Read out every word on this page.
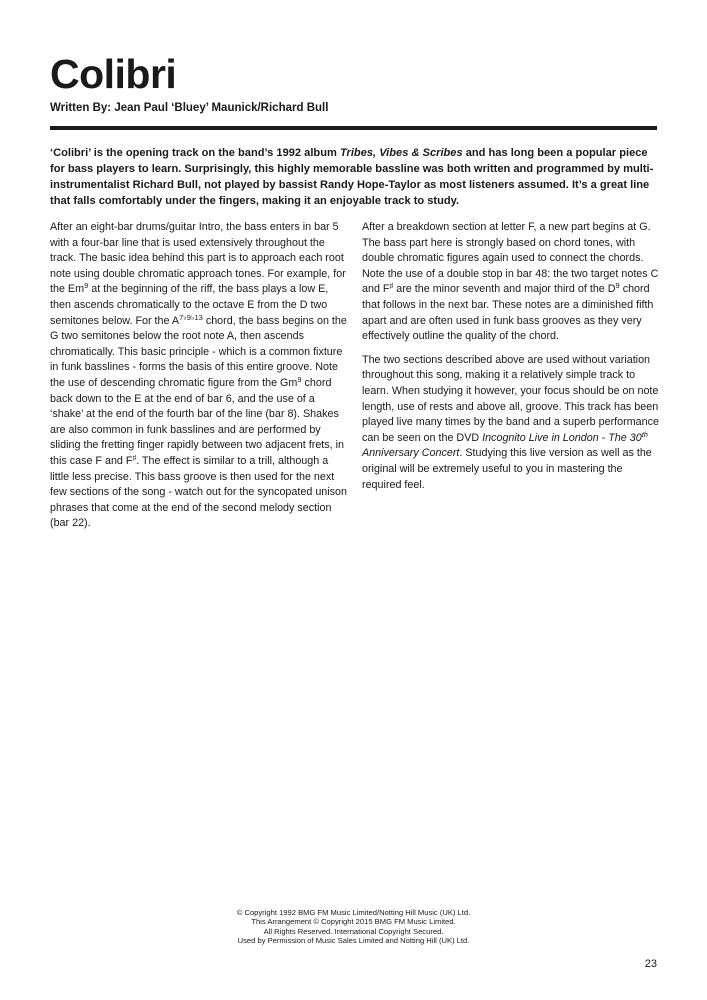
Colibri
Written By: Jean Paul ‘Bluey’ Maunick/Richard Bull

‘Colibri’ is the opening track on the band’s 1992 album Tribes, Vibes & Scribes and has long been a popular piece for bass players to learn. Surprisingly, this highly memorable bassline was both written and programmed by multi-instrumentalist Richard Bull, not played by bassist Randy Hope-Taylor as most listeners assumed. It’s a great line that falls comfortably under the fingers, making it an enjoyable track to study.

After an eight-bar drums/guitar Intro, the bass enters in bar 5 with a four-bar line that is used extensively throughout the track. The basic idea behind this part is to approach each root note using double chromatic approach tones. For example, for the Em$^9$ at the beginning of the riff, the bass plays a low E, then ascends chromatically to the octave E from the D two semitones below. For the $A^{7♭9♭13}$ chord, the bass begins on the G two semitones below the root note A, then ascends chromatically. This basic principle - which is a common fixture in funk basslines - forms the basis of this entire groove. Note the use of descending chromatic figure from the Gm$^9$ chord back down to the E at the end of bar 6, and the use of a ‘shake’ at the end of the fourth bar of the line (bar 8). Shakes are also common in funk basslines and are performed by sliding the fretting finger rapidly between two adjacent frets, in this case F and F♯. The effect is similar to a trill, although a little less precise. This bass groove is then used for the next few sections of the song - watch out for the syncopated unison phrases that come at the end of the second melody section (bar 22).

After a breakdown section at letter F, a new part begins at G. The bass part here is strongly based on chord tones, with double chromatic figures again used to connect the chords. Note the use of a double stop in bar 48: the two target notes C and F♯ are the minor seventh and major third of the $D^9$ chord that follows in the next bar. These notes are a diminished fifth apart and are often used in funk bass grooves as they very effectively outline the quality of the chord.

The two sections described above are used without variation throughout this song, making it a relatively simple track to learn. When studying it however, your focus should be on note length, use of rests and above all, groove. This track has been played live many times by the band and a superb performance can be seen on the DVD Incognito Live in London - The 30th Anniversary Concert. Studying this live version as well as the original will be extremely useful to you in mastering the required feel.

© Copyright 1992 BMG FM Music Limited/Notting Hill Music (UK) Ltd.
This Arrangement © Copyright 2015 BMG FM Music Limited.
All Rights Reserved. International Copyright Secured.
Used by Permission of Music Sales Limited and Notting Hill (UK) Ltd.
23
